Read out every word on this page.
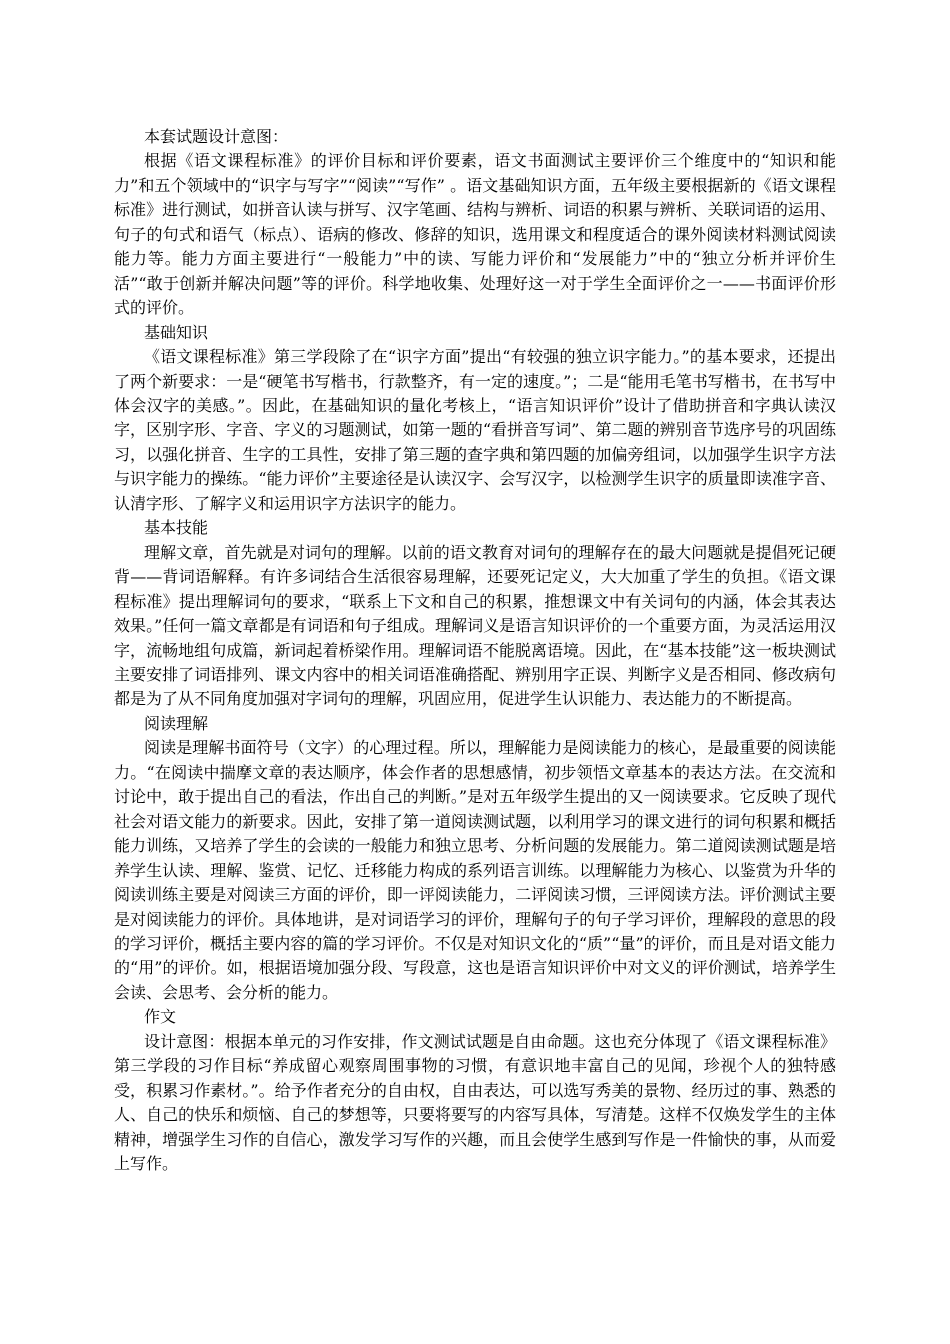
本套试题设计意图：

根据《语文课程标准》的评价目标和评价要素，语文书面测试主要评价三个维度中的“知识和能力”和五个领域中的“识字与写字”“阅读”“写作” 。语文基础知识方面，五年级主要根据新的《语文课程标准》进行测试，如拼音认读与拼写、汉字笔画、结构与辨析、词语的积累与辨析、关联词语的运用、句子的句式和语气（标点）、语病的修改、修辞的知识，选用课文和程度适合的课外阅读材料测试阅读能力等。能力方面主要进行“一般能力”中的读、写能力评价和“发展能力”中的“独立分析并评价生活”“敢于创新并解决问题”等的评价。科学地收集、处理好这一对于学生全面评价之一——书面评价形式的评价。

基础知识

《语文课程标准》第三学段除了在“识字方面”提出“有较强的独立识字能力。”的基本要求，还提出了两个新要求：一是“硬笔书写楷书，行款整齐，有一定的速度。”；二是“能用毛笔书写楷书，在书写中体会汉字的美感。”。因此，在基础知识的量化考核上，“语言知识评价”设计了借助拼音和字典认读汉字，区别字形、字音、字义的习题测试，如第一题的“看拼音写词”、第二题的辨别音节选序号的巩固练习，以强化拼音、生字的工具性，安排了第三题的查字典和第四题的加偏旁组词，以加强学生识字方法与识字能力的操练。“能力评价”主要途径是认读汉字、会写汉字，以检测学生识字的质量即读准字音、认清字形、了解字义和运用识字方法识字的能力。

基本技能

理解文章，首先就是对词句的理解。以前的语文教育对词句的理解存在的最大问题就是提倡死记硬背——背词语解释。有许多词结合生活很容易理解，还要死记定义，大大加重了学生的负担。《语文课程标准》提出理解词句的要求，“联系上下文和自己的积累，推想课文中有关词句的内涵，体会其表达效果。”任何一篇文章都是有词语和句子组成。理解词义是语言知识评价的一个重要方面，为灵活运用汉字，流畅地组句成篇，新词起着桥梁作用。理解词语不能脱离语境。因此，在“基本技能”这一板块测试主要安排了词语排列、课文内容中的相关词语准确搭配、辨别用字正误、判断字义是否相同、修改病句都是为了从不同角度加强对字词句的理解，巩固应用，促进学生认识能力、表达能力的不断提高。

阅读理解

阅读是理解书面符号（文字）的心理过程。所以，理解能力是阅读能力的核心，是最重要的阅读能力。“在阅读中揣摩文章的表达顺序，体会作者的思想感情，初步领悟文章基本的表达方法。在交流和讨论中，敢于提出自己的看法，作出自己的判断。”是对五年级学生提出的又一阅读要求。它反映了现代社会对语文能力的新要求。因此，安排了第一道阅读测试题，以利用学习的课文进行的词句积累和概括能力训练，又培养了学生的会读的一般能力和独立思考、分析问题的发展能力。第二道阅读测试题是培养学生认读、理解、鉴赏、记忆、迁移能力构成的系列语言训练。以理解能力为核心、以鉴赏为升华的阅读训练主要是对阅读三方面的评价，即一评阅读能力，二评阅读习惯，三评阅读方法。评价测试主要是对阅读能力的评价。具体地讲，是对词语学习的评价，理解句子的句子学习评价，理解段的意思的段的学习评价，概括主要内容的篇的学习评价。不仅是对知识文化的“质”“量”的评价，而且是对语文能力的“用”的评价。如，根据语境加强分段、写段意，这也是语言知识评价中对文义的评价测试，培养学生会读、会思考、会分析的能力。

作文

设计意图：根据本单元的习作安排，作文测试试题是自由命题。这也充分体现了《语文课程标准》第三学段的习作目标“养成留心观察周围事物的习惯，有意识地丰富自己的见闻，珍视个人的独特感受，积累习作素材。”。给予作者充分的自由权，自由表达，可以选写秀美的景物、经历过的事、熟悉的人、自己的快乐和烦恼、自己的梦想等，只要将要写的内容写具体，写清楚。这样不仅焕发学生的主体精神，增强学生习作的自信心，激发学习写作的兴趣，而且会使学生感到写作是一件愉快的事，从而爱上写作。
